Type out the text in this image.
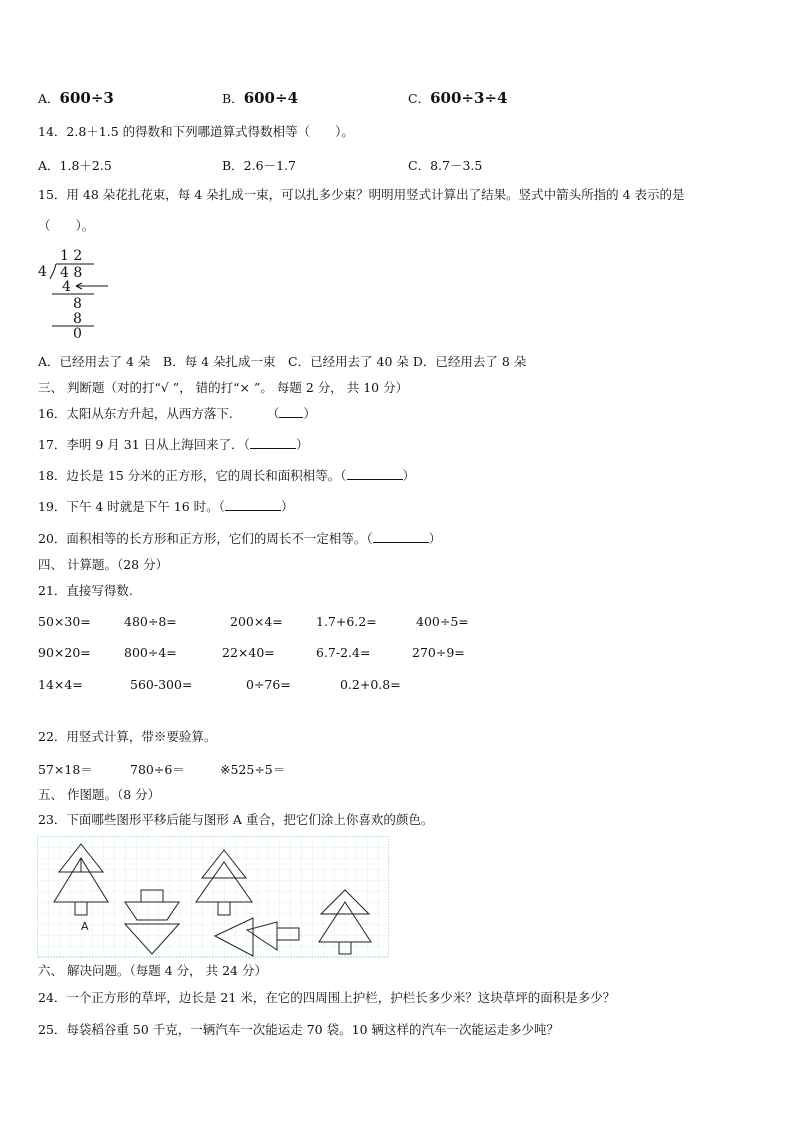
A．600÷3	B．600÷4	C．600÷3÷4
14．2.8＋1.5 的得数和下列哪道算式得数相等（　　）。
A．1.8＋2.5	B．2.6－1.7	C．8.7－3.5
15．用 48 朵花扎花束，每 4 朵扎成一束，可以扎多少束？明明用竖式计算出了结果。竖式中箭头所指的 4 表示的是
（　　）。
4
1 2
4 8
4
8
8
0
A．已经用去了 4 朵　B．每 4 朵扎成一束　C．已经用去了 40 朵 D．已经用去了 8 朵
三、 判断题（对的打“√ ”， 错的打“× ”。 每题 2 分， 共 10 分）
16．太阳从东方升起，从西方落下.	（ ）
17．李明 9 月 31 日从上海回来了．（	）
18．边长是 15 分米的正方形，它的周长和面积相等。（	）
19．下午 4 时就是下午 16 时。（	）
20．面积相等的长方形和正方形，它们的周长不一定相等。（	）
四、 计算题。（28 分）
21．直接写得数.
50×30=	480÷8=	200×4=	1.7+6.2=	400÷5=
90×20=	800÷4=	22×40=	6.7-2.4=	270÷9=
14×4=	560-300=	0÷76=	0.2+0.8=
22．用竖式计算，带※要验算。
57×18＝	780÷6＝	※525÷5＝
五、 作图题。（8 分）
23．下面哪些图形平移后能与图形 A 重合，把它们涂上你喜欢的颜色。
A
六、 解决问题。（每题 4 分， 共 24 分）
24．一个正方形的草坪，边长是 21 米，在它的四周围上护栏，护栏长多少米？这块草坪的面积是多少？
25．每袋稻谷重 50 千克，一辆汽车一次能运走 70 袋。10 辆这样的汽车一次能运走多少吨？
